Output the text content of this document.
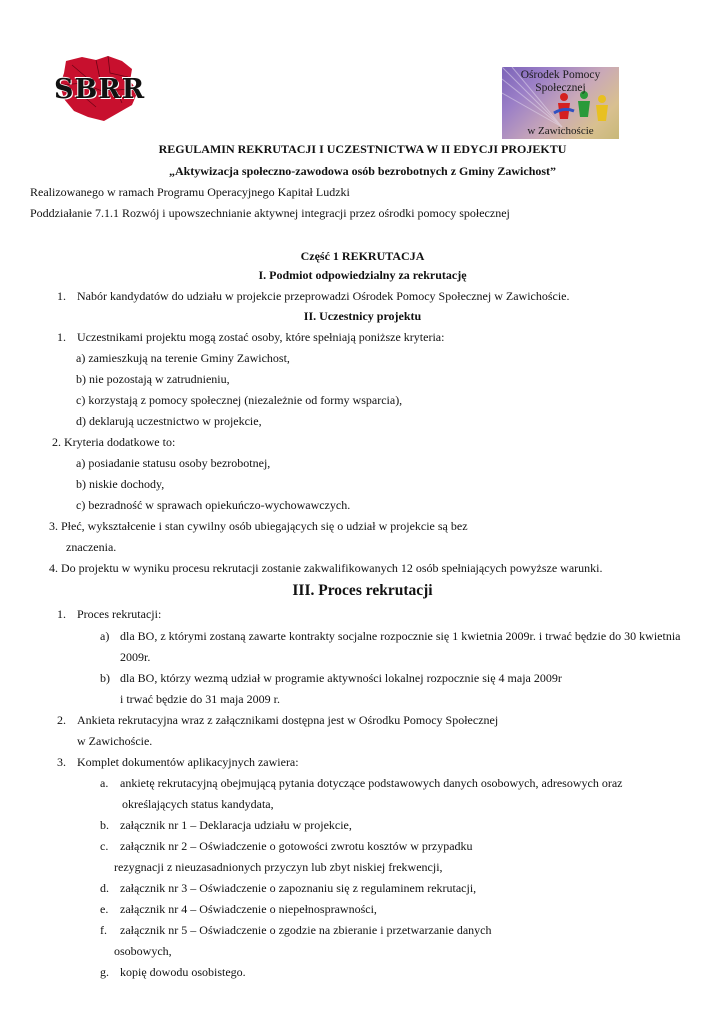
SBRR	Ośrodek Pomocy
Społecznej
w Zawichoście
REGULAMIN REKRUTACJI I UCZESTNICTWA W II EDYCJI PROJEKTU
„Aktywizacja społeczno-zawodowa osób bezrobotnych z Gminy Zawichost”
Realizowanego w ramach Programu Operacyjnego Kapitał Ludzki
Poddziałanie 7.1.1 Rozwój i upowszechnianie aktywnej integracji przez ośrodki pomocy społecznej
Część 1 REKRUTACJA
I. Podmiot odpowiedzialny za rekrutację
1. Nabór kandydatów do udziału w projekcie przeprowadzi Ośrodek Pomocy Społecznej w Zawichoście.
II. Uczestnicy projektu
1. Uczestnikami projektu mogą zostać osoby, które spełniają poniższe kryteria:
a) zamieszkują na terenie Gminy Zawichost,
b) nie pozostają w zatrudnieniu,
c) korzystają z pomocy społecznej (niezależnie od formy wsparcia),
d) deklarują uczestnictwo w projekcie,
2. Kryteria dodatkowe to:
a) posiadanie statusu osoby bezrobotnej,
b) niskie dochody,
c) bezradność w sprawach opiekuńczo-wychowawczych.
3. Płeć, wykształcenie i stan cywilny osób ubiegających się o udział w projekcie są bez
znaczenia.
4. Do projektu w wyniku procesu rekrutacji zostanie zakwalifikowanych 12 osób spełniających powyższe warunki.
III. Proces rekrutacji
1. Proces rekrutacji:
a) dla BO, z którymi zostaną zawarte kontrakty socjalne rozpocznie się 1 kwietnia 2009r. i trwać będzie do 30 kwietnia
2009r.
b) dla BO, którzy wezmą udział w programie aktywności lokalnej rozpocznie się 4 maja 2009r
i trwać będzie do 31 maja 2009 r.
2. Ankieta rekrutacyjna wraz z załącznikami dostępna jest w Ośrodku Pomocy Społecznej
w Zawichoście.
3. Komplet dokumentów aplikacyjnych zawiera:
a. ankietę rekrutacyjną obejmującą pytania dotyczące podstawowych danych osobowych, adresowych oraz
określających status kandydata,
b. załącznik nr 1 – Deklaracja udziału w projekcie,
c. załącznik nr 2 – Oświadczenie o gotowości zwrotu kosztów w przypadku
rezygnacji z nieuzasadnionych przyczyn lub zbyt niskiej frekwencji,
d. załącznik nr 3 – Oświadczenie o zapoznaniu się z regulaminem rekrutacji,
e. załącznik nr 4 – Oświadczenie o niepełnosprawności,
f. załącznik nr 5 – Oświadczenie o zgodzie na zbieranie i przetwarzanie danych
osobowych,
g. kopię dowodu osobistego.
